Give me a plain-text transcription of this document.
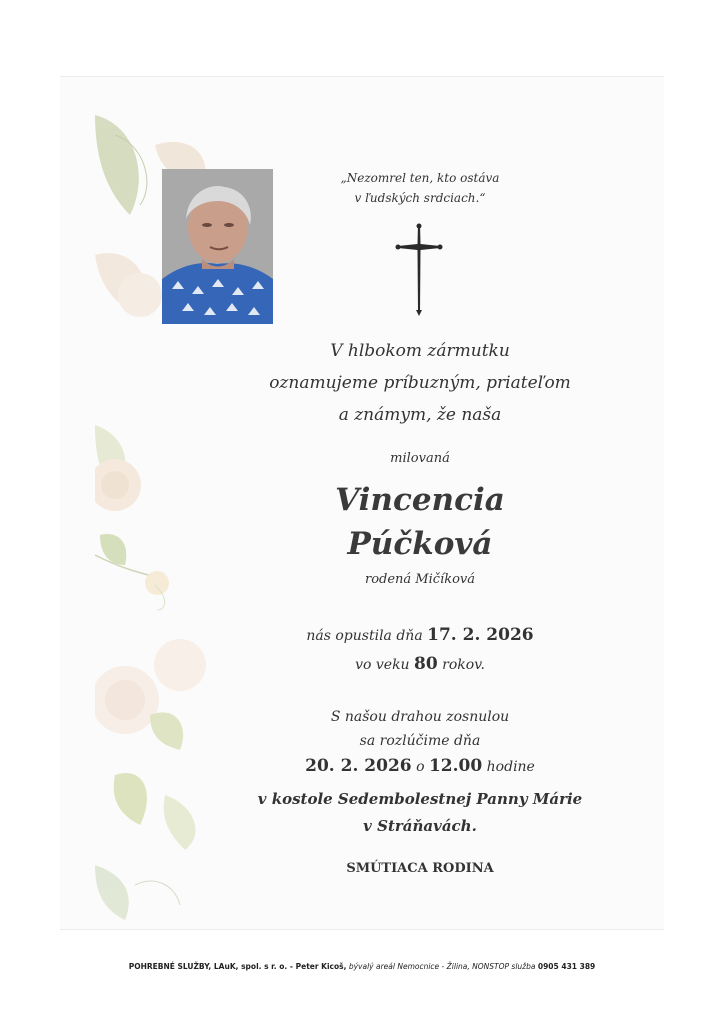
„Nezomrel ten, kto ostáva
v ľudských srdciach.“
V hlbokom zármutku
oznamujeme príbuzným, priateľom
a známym, že naša
milovaná
Vincencia
Púčková
rodená Mičíková
nás opustila dňa 17. 2. 2026
vo veku 80 rokov.
S našou drahou zosnulou
sa rozlúčime dňa
20. 2. 2026 o 12.00 hodine
v kostole Sedembolestnej Panny Márie
v Stráňavách.
SMÚTIACA RODINA
POHREBNÉ SLUŽBY, LAuK, spol. s r. o. - Peter Kicoš, bývalý areál Nemocnice - Žilina, NONSTOP služba 0905 431 389
